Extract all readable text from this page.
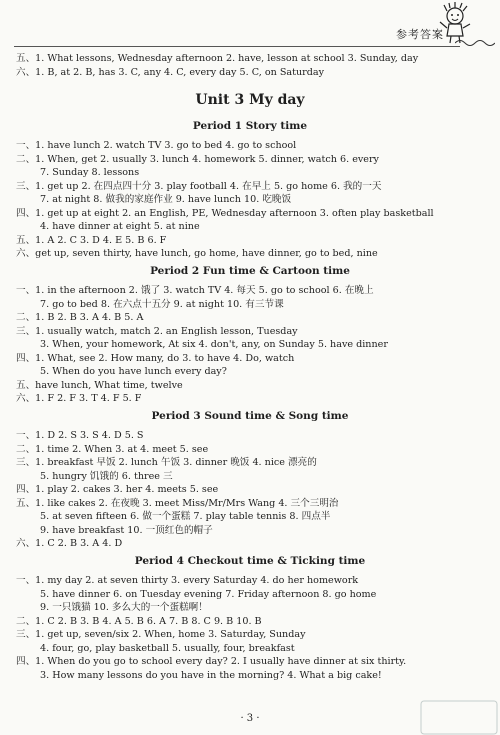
参考答案
五、1. What lessons, Wednesday afternoon 2. have, lesson at school 3. Sunday, day
六、1. B, at 2. B, has 3. C, any 4. C, every day 5. C, on Saturday
Unit 3 My day
Period 1 Story time
一、1. have lunch 2. watch TV 3. go to bed 4. go to school
二、1. When, get 2. usually 3. lunch 4. homework 5. dinner, watch 6. every
7. Sunday 8. lessons
三、1. get up 2. 在四点四十分 3. play football 4. 在早上 5. go home 6. 我的一天
7. at night 8. 做我的家庭作业 9. have lunch 10. 吃晚饭
四、1. get up at eight 2. an English, PE, Wednesday afternoon 3. often play basketball
4. have dinner at eight 5. at nine
五、1. A 2. C 3. D 4. E 5. B 6. F
六、get up, seven thirty, have lunch, go home, have dinner, go to bed, nine
Period 2 Fun time & Cartoon time
一、1. in the afternoon 2. 饿了 3. watch TV 4. 每天 5. go to school 6. 在晚上
7. go to bed 8. 在六点十五分 9. at night 10. 有三节课
二、1. B 2. B 3. A 4. B 5. A
三、1. usually watch, match 2. an English lesson, Tuesday
3. When, your homework, At six 4. don't, any, on Sunday 5. have dinner
四、1. What, see 2. How many, do 3. to have 4. Do, watch
5. When do you have lunch every day?
五、have lunch, What time, twelve
六、1. F 2. F 3. T 4. F 5. F
Period 3 Sound time & Song time
一、1. D 2. S 3. S 4. D 5. S
二、1. time 2. When 3. at 4. meet 5. see
三、1. breakfast 早饭 2. lunch 午饭 3. dinner 晚饭 4. nice 漂亮的
5. hungry 饥饿的 6. three 三
四、1. play 2. cakes 3. her 4. meets 5. see
五、1. like cakes 2. 在夜晚 3. meet Miss/Mr/Mrs Wang 4. 三个三明治
5. at seven fifteen 6. 做一个蛋糕 7. play table tennis 8. 四点半
9. have breakfast 10. 一顶红色的帽子
六、1. C 2. B 3. A 4. D
Period 4 Checkout time & Ticking time
一、1. my day 2. at seven thirty 3. every Saturday 4. do her homework
5. have dinner 6. on Tuesday evening 7. Friday afternoon 8. go home
9. 一只饿猫 10. 多么大的一个蛋糕啊！
二、1. C 2. B 3. B 4. A 5. B 6. A 7. B 8. C 9. B 10. B
三、1. get up, seven/six 2. When, home 3. Saturday, Sunday
4. four, go, play basketball 5. usually, four, breakfast
四、1. When do you go to school every day? 2. I usually have dinner at six thirty.
3. How many lessons do you have in the morning? 4. What a big cake!
· 3 ·
